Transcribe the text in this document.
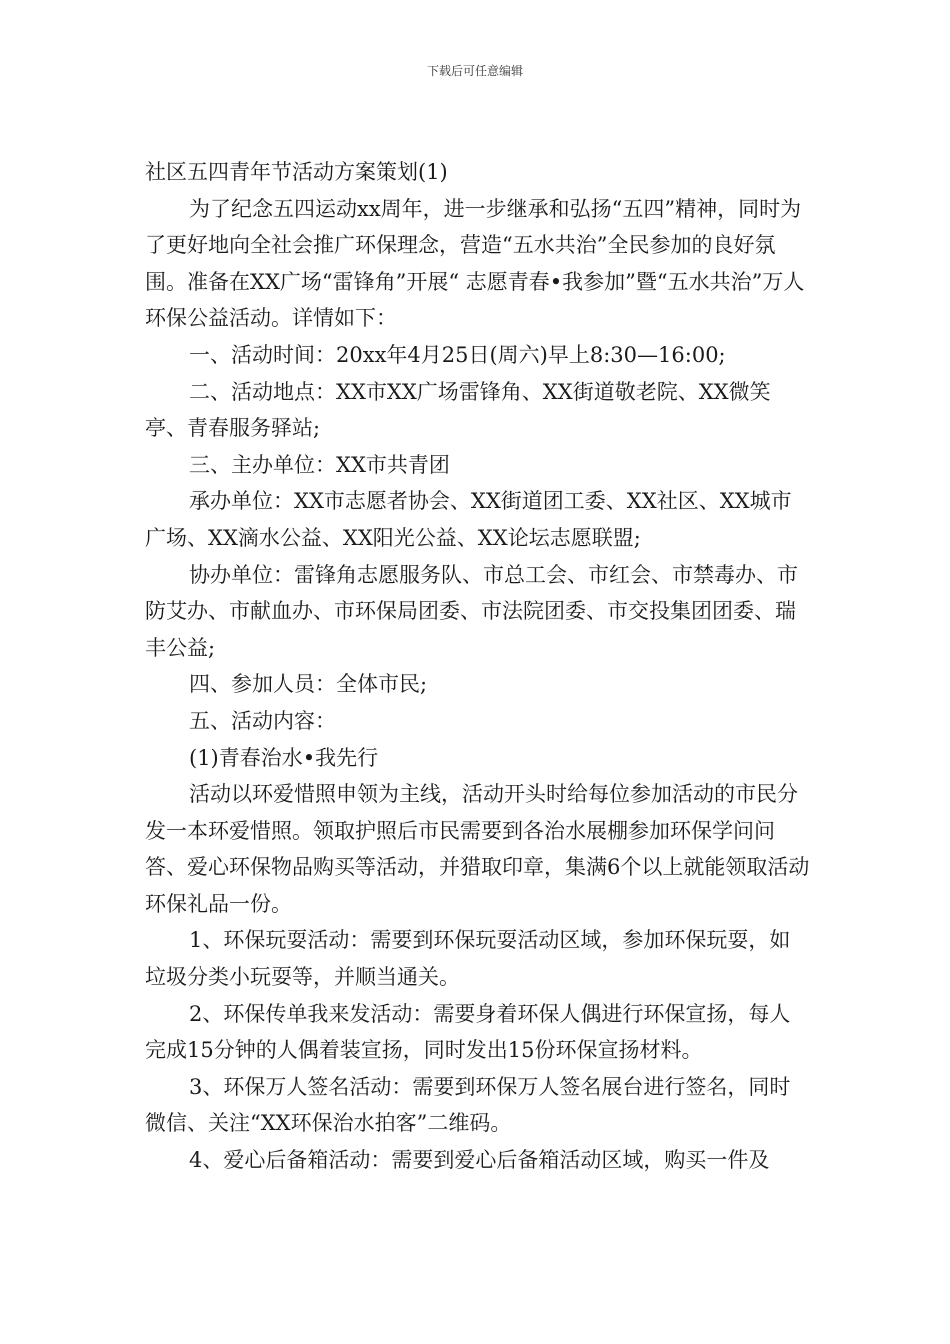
下载后可任意编辑

社区五四青年节活动方案策划(1)

为了纪念五四运动xx周年，进一步继承和弘扬“五四”精神，同时为了更好地向全社会推广环保理念，营造“五水共治”全民参加的良好氛围。准备在XX广场“雷锋角”开展“ 志愿青春•我参加”暨“五水共治”万人环保公益活动。详情如下：

一、活动时间：20xx年4月25日(周六)早上8:30—16:00;

二、活动地点：XX市XX广场雷锋角、XX街道敬老院、XX微笑亭、青春服务驿站;

三、主办单位：XX市共青团

承办单位：XX市志愿者协会、XX街道团工委、XX社区、XX城市广场、XX滴水公益、XX阳光公益、XX论坛志愿联盟;

协办单位：雷锋角志愿服务队、市总工会、市红会、市禁毒办、市防艾办、市献血办、市环保局团委、市法院团委、市交投集团团委、瑞丰公益;

四、参加人员：全体市民;

五、活动内容：

(1)青春治水•我先行

活动以环爱惜照申领为主线，活动开头时给每位参加活动的市民分发一本环爱惜照。领取护照后市民需要到各治水展棚参加环保学问问答、爱心环保物品购买等活动，并猎取印章，集满6个以上就能领取活动环保礼品一份。

1、环保玩耍活动：需要到环保玩耍活动区域，参加环保玩耍，如垃圾分类小玩耍等，并顺当通关。

2、环保传单我来发活动：需要身着环保人偶进行环保宣扬，每人完成15分钟的人偶着装宣扬，同时发出15份环保宣扬材料。

3、环保万人签名活动：需要到环保万人签名展台进行签名，同时微信、关注“XX环保治水拍客”二维码。

4、爱心后备箱活动：需要到爱心后备箱活动区域，购买一件及
